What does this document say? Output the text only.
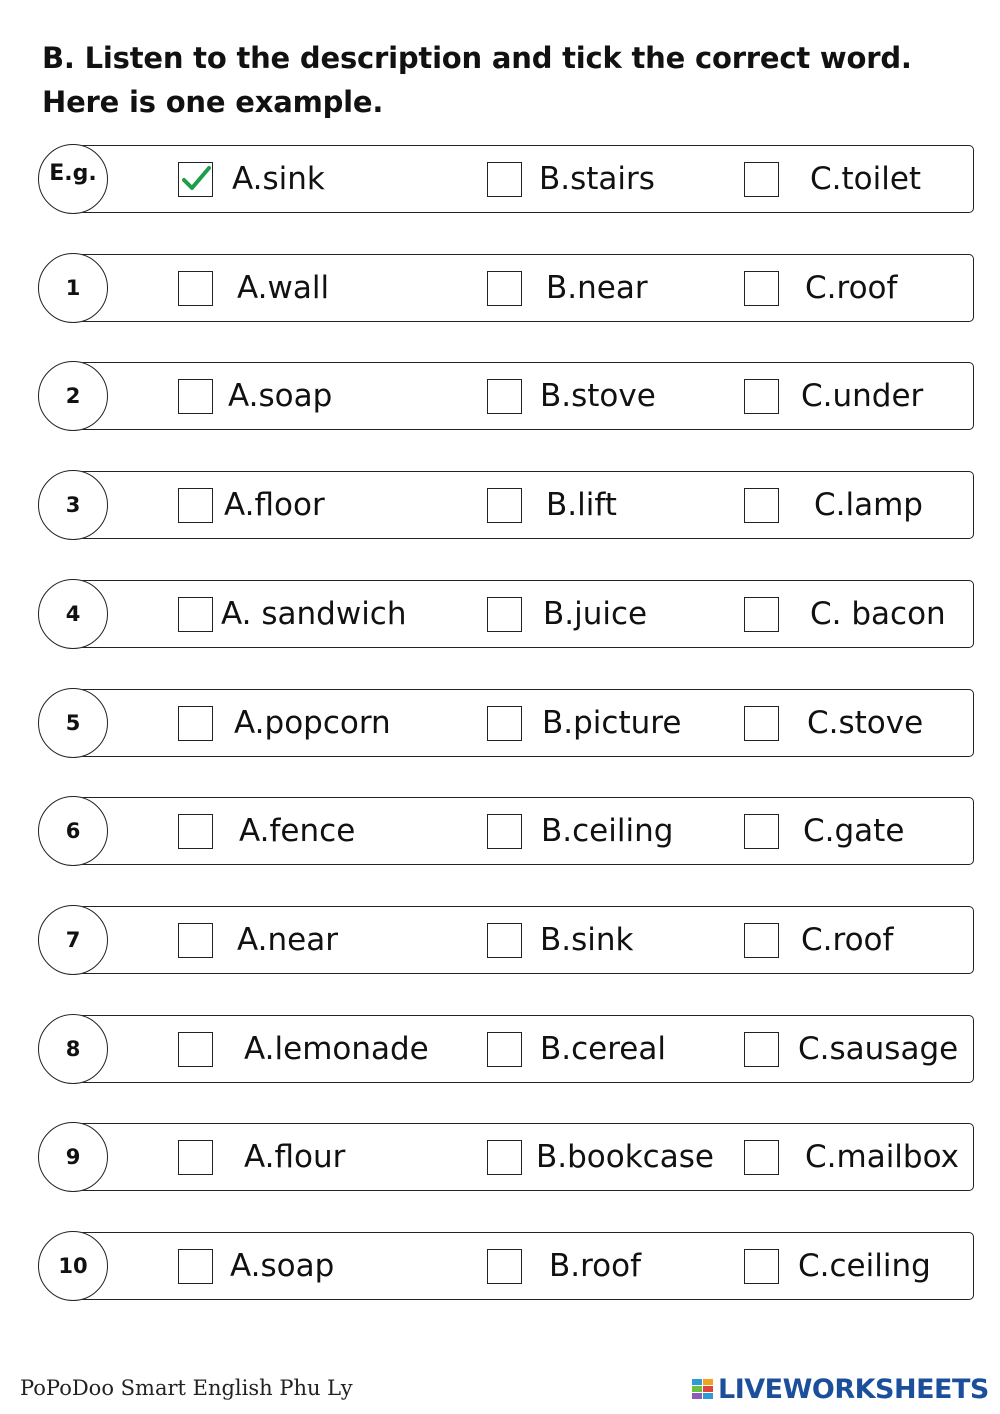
B. Listen to the description and tick the correct word.
Here is one example.
E.g.	A.sink	B.stairs	C.toilet
1	A.wall	B.near	C.roof
2	A.soap	B.stove	C.under
3	A.floor	B.lift	C.lamp
4	A. sandwich	B.juice	C. bacon
5	A.popcorn	B.picture	C.stove
6	A.fence	B.ceiling	C.gate
7	A.near	B.sink	C.roof
8	A.lemonade	B.cereal	C.sausage
9	A.flour	B.bookcase	C.mailbox
10	A.soap	B.roof	C.ceiling
PoPoDoo Smart English Phu Ly	LIVEWORKSHEETS
